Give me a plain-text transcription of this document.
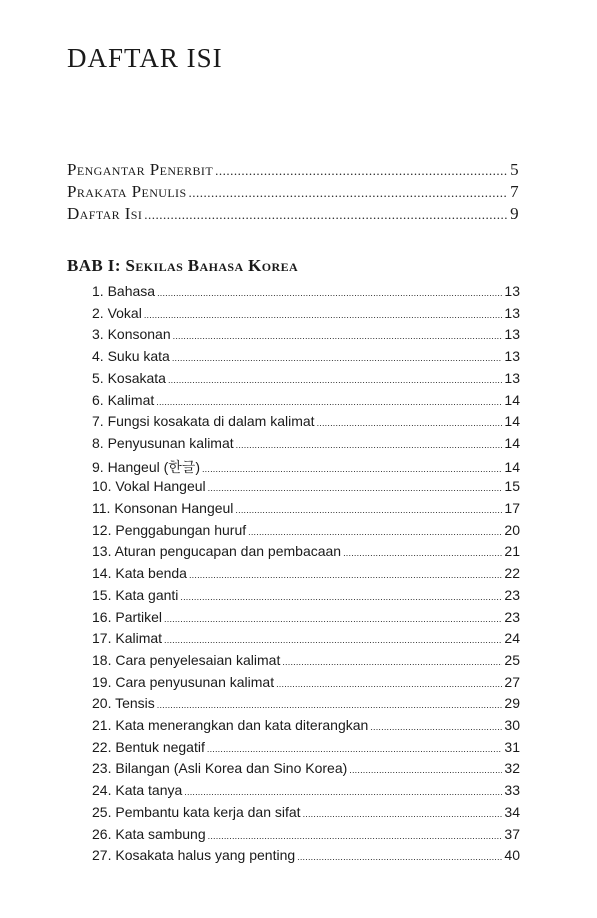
DAFTAR ISI
Pengantar Penerbit .....	5
Prakata Penulis .....	7
Daftar Isi .....	9
BAB I: Sekilas Bahasa Korea
1. Bahasa .....	13
2. Vokal .....	13
3. Konsonan .....	13
4. Suku kata .....	13
5. Kosakata .....	13
6. Kalimat .....	14
7. Fungsi kosakata di dalam kalimat .....	14
8. Penyusunan kalimat .....	14
9. Hangeul (한글) .....	14
10. Vokal Hangeul .....	15
11. Konsonan Hangeul .....	17
12. Penggabungan huruf .....	20
13. Aturan pengucapan dan pembacaan .....	21
14. Kata benda .....	22
15. Kata ganti .....	23
16. Partikel .....	23
17. Kalimat .....	24
18. Cara penyelesaian kalimat .....	25
19. Cara penyusunan kalimat .....	27
20. Tensis .....	29
21. Kata menerangkan dan kata diterangkan .....	30
22. Bentuk negatif .....	31
23. Bilangan (Asli Korea dan Sino Korea) .....	32
24. Kata tanya .....	33
25. Pembantu kata kerja dan sifat .....	34
26. Kata sambung .....	37
27. Kosakata halus yang penting .....	40
